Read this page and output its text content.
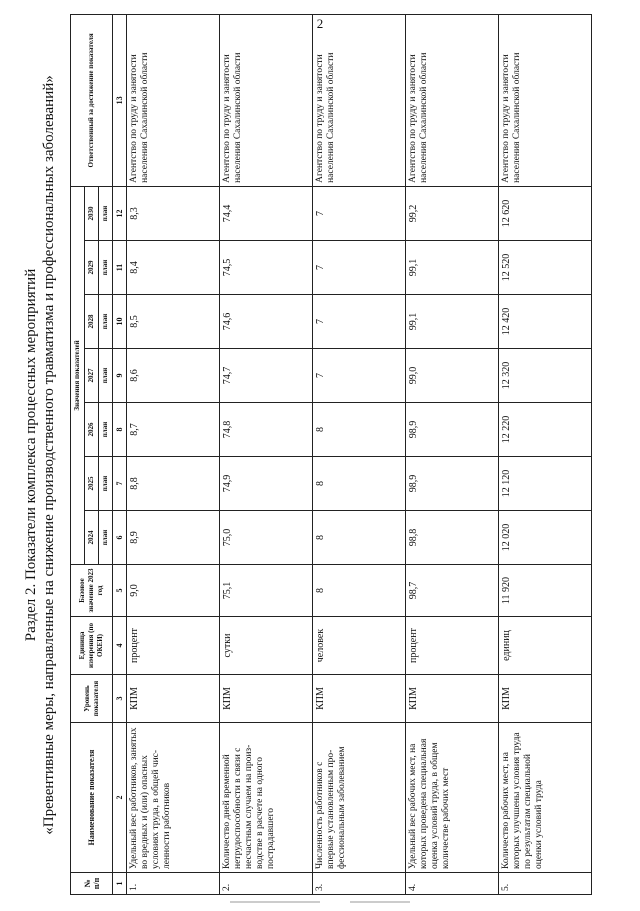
2
Раздел 2. Показатели комплекса процессных мероприятий «Превентивные меры, направленные на снижение производственного травматизма и профессиональных заболеваний»
№ п/п	Наименование показателя	Уровень показателя	Единица измерения (по ОКЕИ)	Базовое значение 2023 год	Значения показателей							Ответственный за достижение показателя
					2024	2025	2026	2027	2028	2029	2030	
					план	план	план	план	план	план	план	
1	2	3	4	5	6	7	8	9	10	11	12	13
1.	Удельный вес работников, занятых во вредных и (или) опасных условиях труда, в общей численности работников	КПМ	процент	9,0	8,9	8,8	8,7	8,6	8,5	8,4	8,3	Агентство по труду и занятости населения Сахалинской области
2.	Количество дней временной нетрудоспособности в связи с несчастным случаем на производстве в расчете на одного пострадавшего	КПМ	сутки	75,1	75,0	74,9	74,8	74,7	74,6	74,5	74,4	Агентство по труду и занятости населения Сахалинской области
3.	Численность работников с впервые установленным профессиональным заболеванием	КПМ	человек	8	8	8	8	7	7	7	7	Агентство по труду и занятости населения Сахалинской области
4.	Удельный вес рабочих мест, на которых проведена специальная оценка условий труда, в общем количестве рабочих мест	КПМ	процент	98,7	98,8	98,9	98,9	99,0	99,1	99,1	99,2	Агентство по труду и занятости населения Сахалинской области
5.	Количество рабочих мест, на которых улучшены условия труда по результатам специальной оценки условий труда	КПМ	единиц	11 920	12 020	12 120	12 220	12 320	12 420	12 520	12 620	Агентство по труду и занятости населения Сахалинской области
